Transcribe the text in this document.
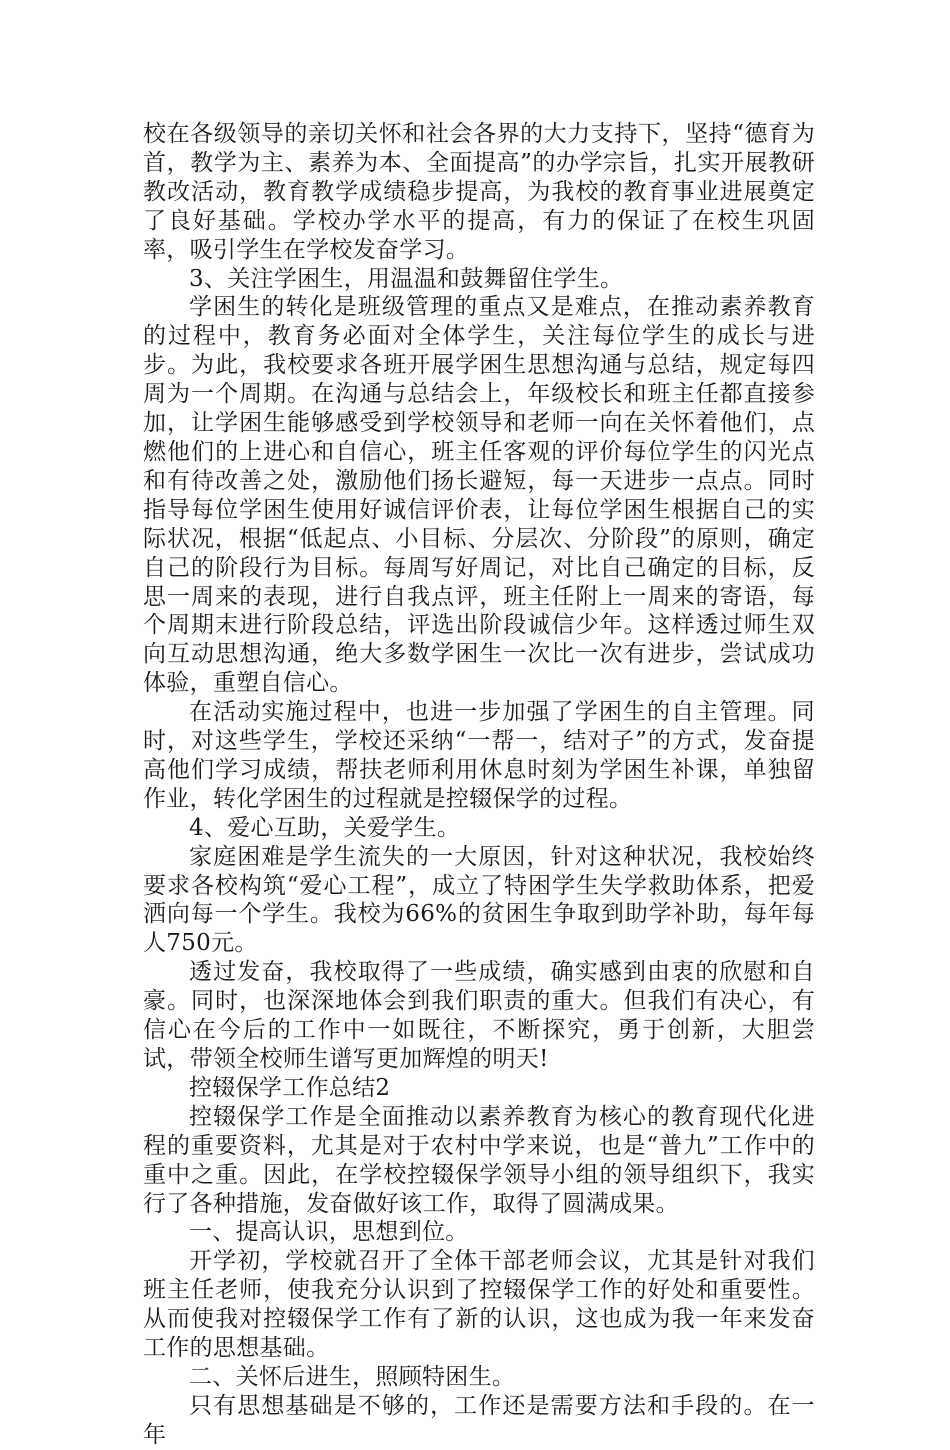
校在各级领导的亲切关怀和社会各界的大力支持下，坚持“德育为首，教学为主、素养为本、全面提高”的办学宗旨，扎实开展教研教改活动，教育教学成绩稳步提高，为我校的教育事业进展奠定了良好基础。学校办学水平的提高，有力的保证了在校生巩固率，吸引学生在学校发奋学习。

3、关注学困生，用温温和鼓舞留住学生。

学困生的转化是班级管理的重点又是难点，在推动素养教育的过程中，教育务必面对全体学生，关注每位学生的成长与进步。为此，我校要求各班开展学困生思想沟通与总结，规定每四周为一个周期。在沟通与总结会上，年级校长和班主任都直接参加，让学困生能够感受到学校领导和老师一向在关怀着他们，点燃他们的上进心和自信心，班主任客观的评价每位学生的闪光点和有待改善之处，激励他们扬长避短，每一天进步一点点。同时指导每位学困生使用好诚信评价表，让每位学困生根据自己的实际状况，根据“低起点、小目标、分层次、分阶段”的原则，确定自己的阶段行为目标。每周写好周记，对比自己确定的目标，反思一周来的表现，进行自我点评，班主任附上一周来的寄语，每个周期末进行阶段总结，评选出阶段诚信少年。这样透过师生双向互动思想沟通，绝大多数学困生一次比一次有进步，尝试成功体验，重塑自信心。

在活动实施过程中，也进一步加强了学困生的自主管理。同时，对这些学生，学校还采纳“一帮一，结对子”的方式，发奋提高他们学习成绩，帮扶老师利用休息时刻为学困生补课，单独留作业，转化学困生的过程就是控辍保学的过程。

4、爱心互助，关爱学生。

家庭困难是学生流失的一大原因，针对这种状况，我校始终要求各校构筑“爱心工程”，成立了特困学生失学救助体系，把爱洒向每一个学生。我校为66%的贫困生争取到助学补助，每年每人750元。

透过发奋，我校取得了一些成绩，确实感到由衷的欣慰和自豪。同时，也深深地体会到我们职责的重大。但我们有决心，有信心在今后的工作中一如既往，不断探究，勇于创新，大胆尝试，带领全校师生谱写更加辉煌的明天!

控辍保学工作总结2

控辍保学工作是全面推动以素养教育为核心的教育现代化进程的重要资料，尤其是对于农村中学来说，也是“普九”工作中的重中之重。因此，在学校控辍保学领导小组的领导组织下，我实行了各种措施，发奋做好该工作，取得了圆满成果。

一、提高认识，思想到位。

开学初，学校就召开了全体干部老师会议，尤其是针对我们班主任老师，使我充分认识到了控辍保学工作的好处和重要性。从而使我对控辍保学工作有了新的认识，这也成为我一年来发奋工作的思想基础。

二、关怀后进生，照顾特困生。

只有思想基础是不够的，工作还是需要方法和手段的。在一年
